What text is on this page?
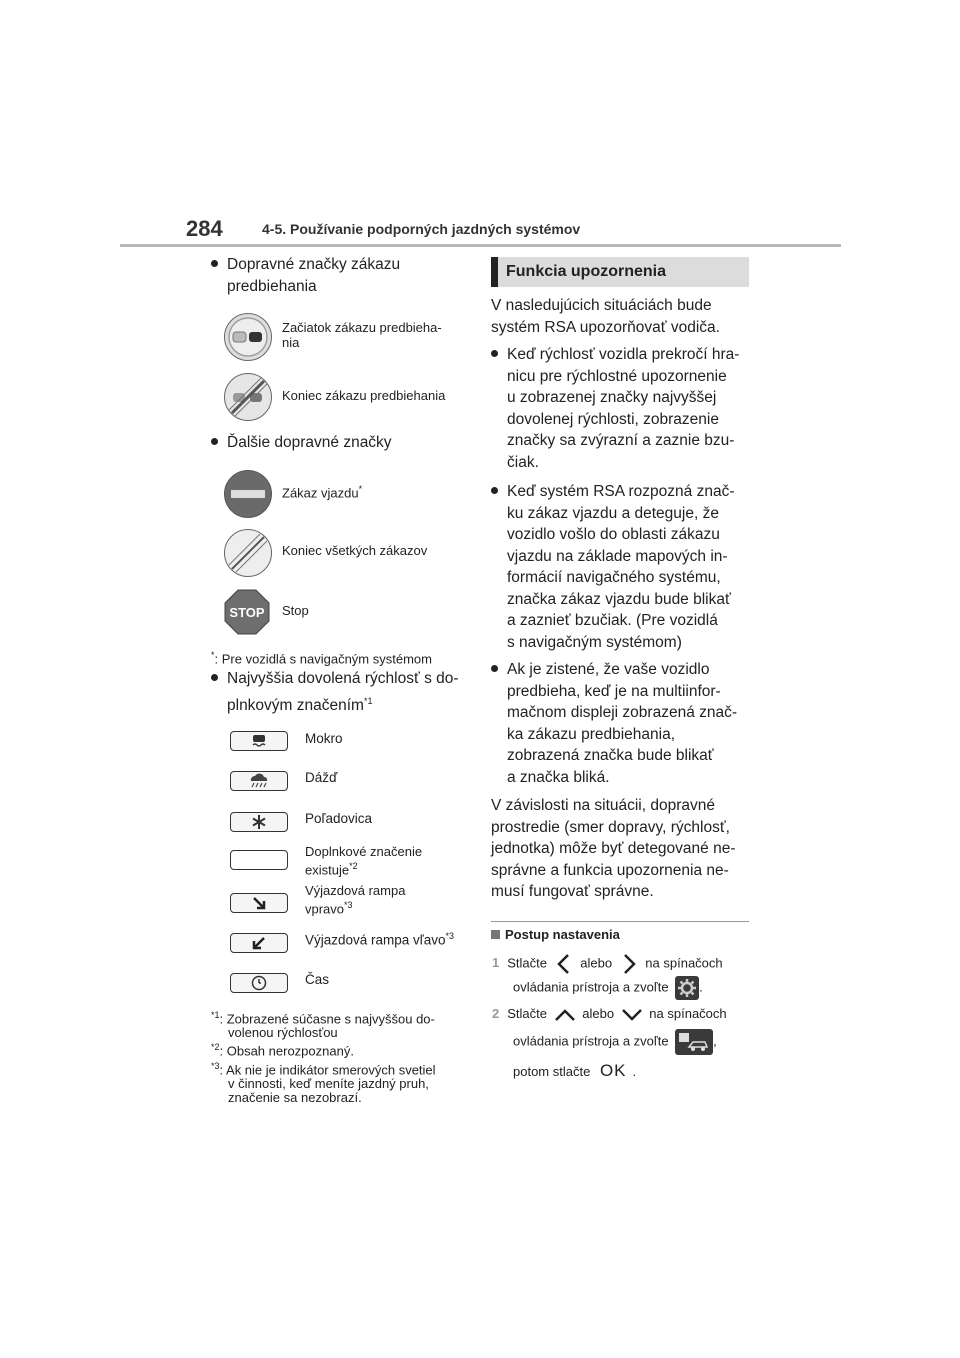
284	4-5. Používanie podporných jazdných systémov
Dopravné značky zákazu
predbiehania
Začiatok zákazu predbieha-
nia
Koniec zákazu predbiehania
Ďalšie dopravné značky
Zákaz vjazdu*
Koniec všetkých zákazov
STOP Stop
*: Pre vozidlá s navigačným systémom
Najvyššia dovolená rýchlosť s do-
plnkovým značením$^{*1}$
Mokro
Dážď
Poľadovica
Doplnkové značenie
existuje$^{*2}$
Výjazdová rampa
vpravo$^{*3}$
Výjazdová rampa vľavo$^{*3}$
Čas
$^{*1}$: Zobrazené súčasne s najvyššou do-
volenou rýchlosťou
$^{*2}$: Obsah nerozpoznaný.
$^{*3}$: Ak nie je indikátor smerových svetiel
v činnosti, keď meníte jazdný pruh,
značenie sa nezobrazí.
Funkcia upozornenia
V nasledujúcich situáciách bude
systém RSA upozorňovať vodiča.
Keď rýchlosť vozidla prekročí hra-
nicu pre rýchlostné upozornenie
u zobrazenej značky najvyššej
dovolenej rýchlosti, zobrazenie
značky sa zvýrazní a zaznie bzu-
čiak.
Keď systém RSA rozpozná znač-
ku zákaz vjazdu a deteguje, že
vozidlo vošlo do oblasti zákazu
vjazdu na základe mapových in-
formácií navigačného systému,
značka zákaz vjazdu bude blikať
a zaznieť bzučiak. (Pre vozidlá
s navigačným systémom)
Ak je zistené, že vaše vozidlo
predbieha, keď je na multiinfor-
mačnom displeji zobrazená znač-
ka zákazu predbiehania,
zobrazená značka bude blikať
a značka bliká.
V závislosti na situácii, dopravné
prostredie (smer dopravy, rýchlosť,
jednotka) môže byť detegované ne-
správne a funkcia upozornenia ne-
musí fungovať správne.
Postup nastavenia
1 Stlačte	alebo	na spínačoch
ovládania prístroja a zvoľte .
2 Stlačte	alebo	na spínačoch
ovládania prístroja a zvoľte	,
potom stlačte OK .
